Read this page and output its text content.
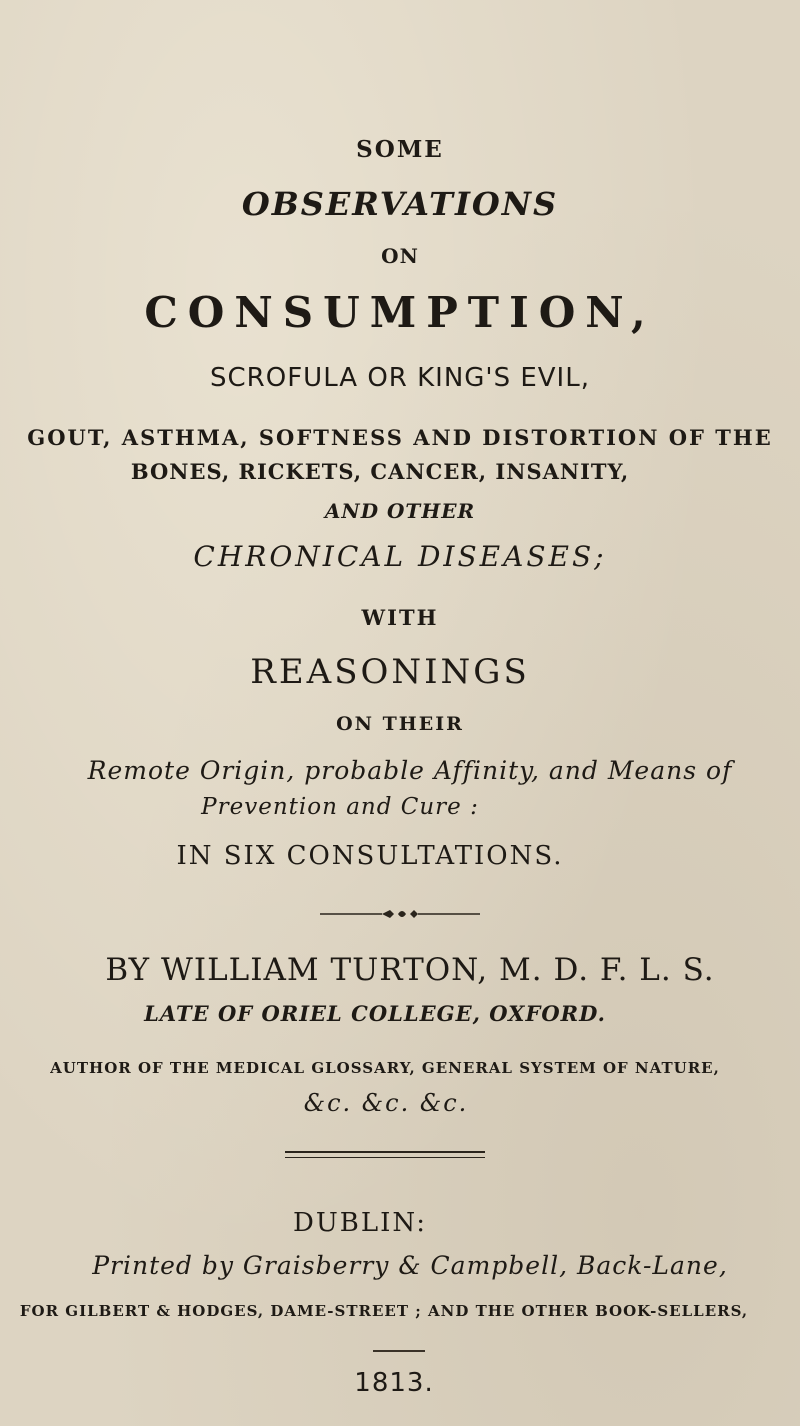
SOME
OBSERVATIONS
ON
CONSUMPTION,
SCROFULA OR KING'S EVIL,
GOUT, ASTHMA, SOFTNESS AND DISTORTION OF THE
BONES, RICKETS, CANCER, INSANITY,
AND OTHER
CHRONICAL DISEASES;
WITH
REASONINGS
ON THEIR
Remote Origin, probable Affinity, and Means of
Prevention and Cure :
IN SIX CONSULTATIONS.
BY WILLIAM TURTON, M. D. F. L. S.
LATE OF ORIEL COLLEGE, OXFORD.
AUTHOR OF THE MEDICAL GLOSSARY, GENERAL SYSTEM OF NATURE,
&c. &c. &c.
DUBLIN:
Printed by Graisberry & Campbell, Back-Lane,
FOR GILBERT & HODGES, DAME-STREET ; AND THE OTHER BOOK-SELLERS,
1813.
